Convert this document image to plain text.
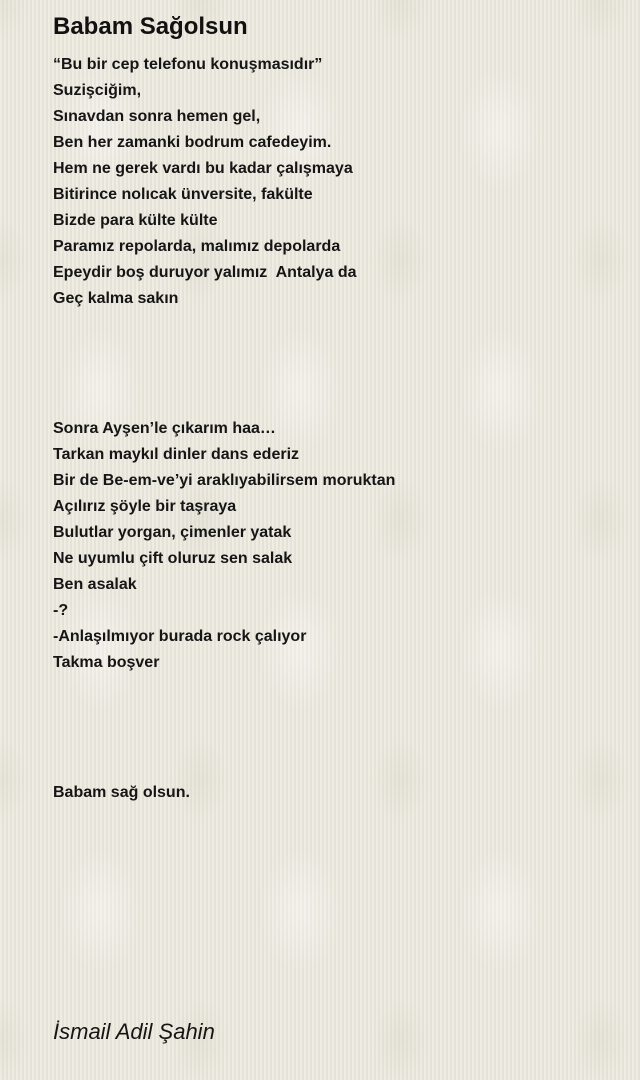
Babam Sağolsun
“Bu bir cep telefonu konuşmasıdır”
Suzişciğim,
Sınavdan sonra hemen gel,
Ben her zamanki bodrum cafedeyim.
Hem ne gerek vardı bu kadar çalışmaya
Bitirince nolıcak ünversite, fakülte
Bizde para külte külte
Paramız repolarda, malımız depolarda
Epeydir boş duruyor yalımız  Antalya da
Geç kalma sakın
Sonra Ayşen’le çıkarım haa…
Tarkan maykıl dinler dans ederiz
Bir de Be-em-ve’yi araklıyabilirsem moruktan
Açılırız şöyle bir taşraya
Bulutlar yorgan, çimenler yatak
Ne uyumlu çift oluruz sen salak
Ben asalak
-?
-Anlaşılmıyor burada rock çalıyor
Takma boşver
Babam sağ olsun.
İsmail Adil Şahin
